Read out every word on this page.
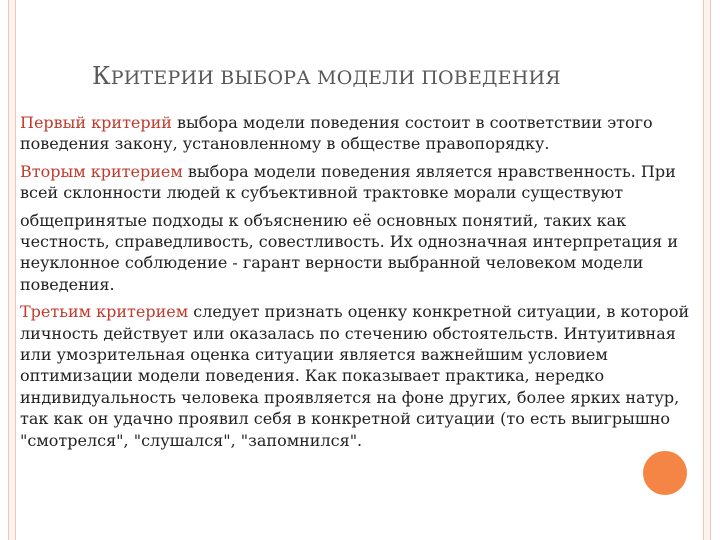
КРИТЕРИИ ВЫБОРА МОДЕЛИ ПОВЕДЕНИЯ

Первый критерий выбора модели поведения состоит в соответствии этого поведения закону, установленному в обществе правопорядку.

Вторым критерием выбора модели поведения является нравственность. При всей склонности людей к субъективной трактовке морали существуют

общепринятые подходы к объяснению её основных понятий, таких как честность, справедливость, совестливость. Их однозначная интерпретация и неуклонное соблюдение - гарант верности выбранной человеком модели поведения.

Третьим критерием следует признать оценку конкретной ситуации, в которой личность действует или оказалась по стечению обстоятельств. Интуитивная или умозрительная оценка ситуации является важнейшим условием оптимизации модели поведения. Как показывает практика, нередко индивидуальность человека проявляется на фоне других, более ярких натур, так как он удачно проявил себя в конкретной ситуации (то есть выигрышно "смотрелся", "слушался", "запомнился".
